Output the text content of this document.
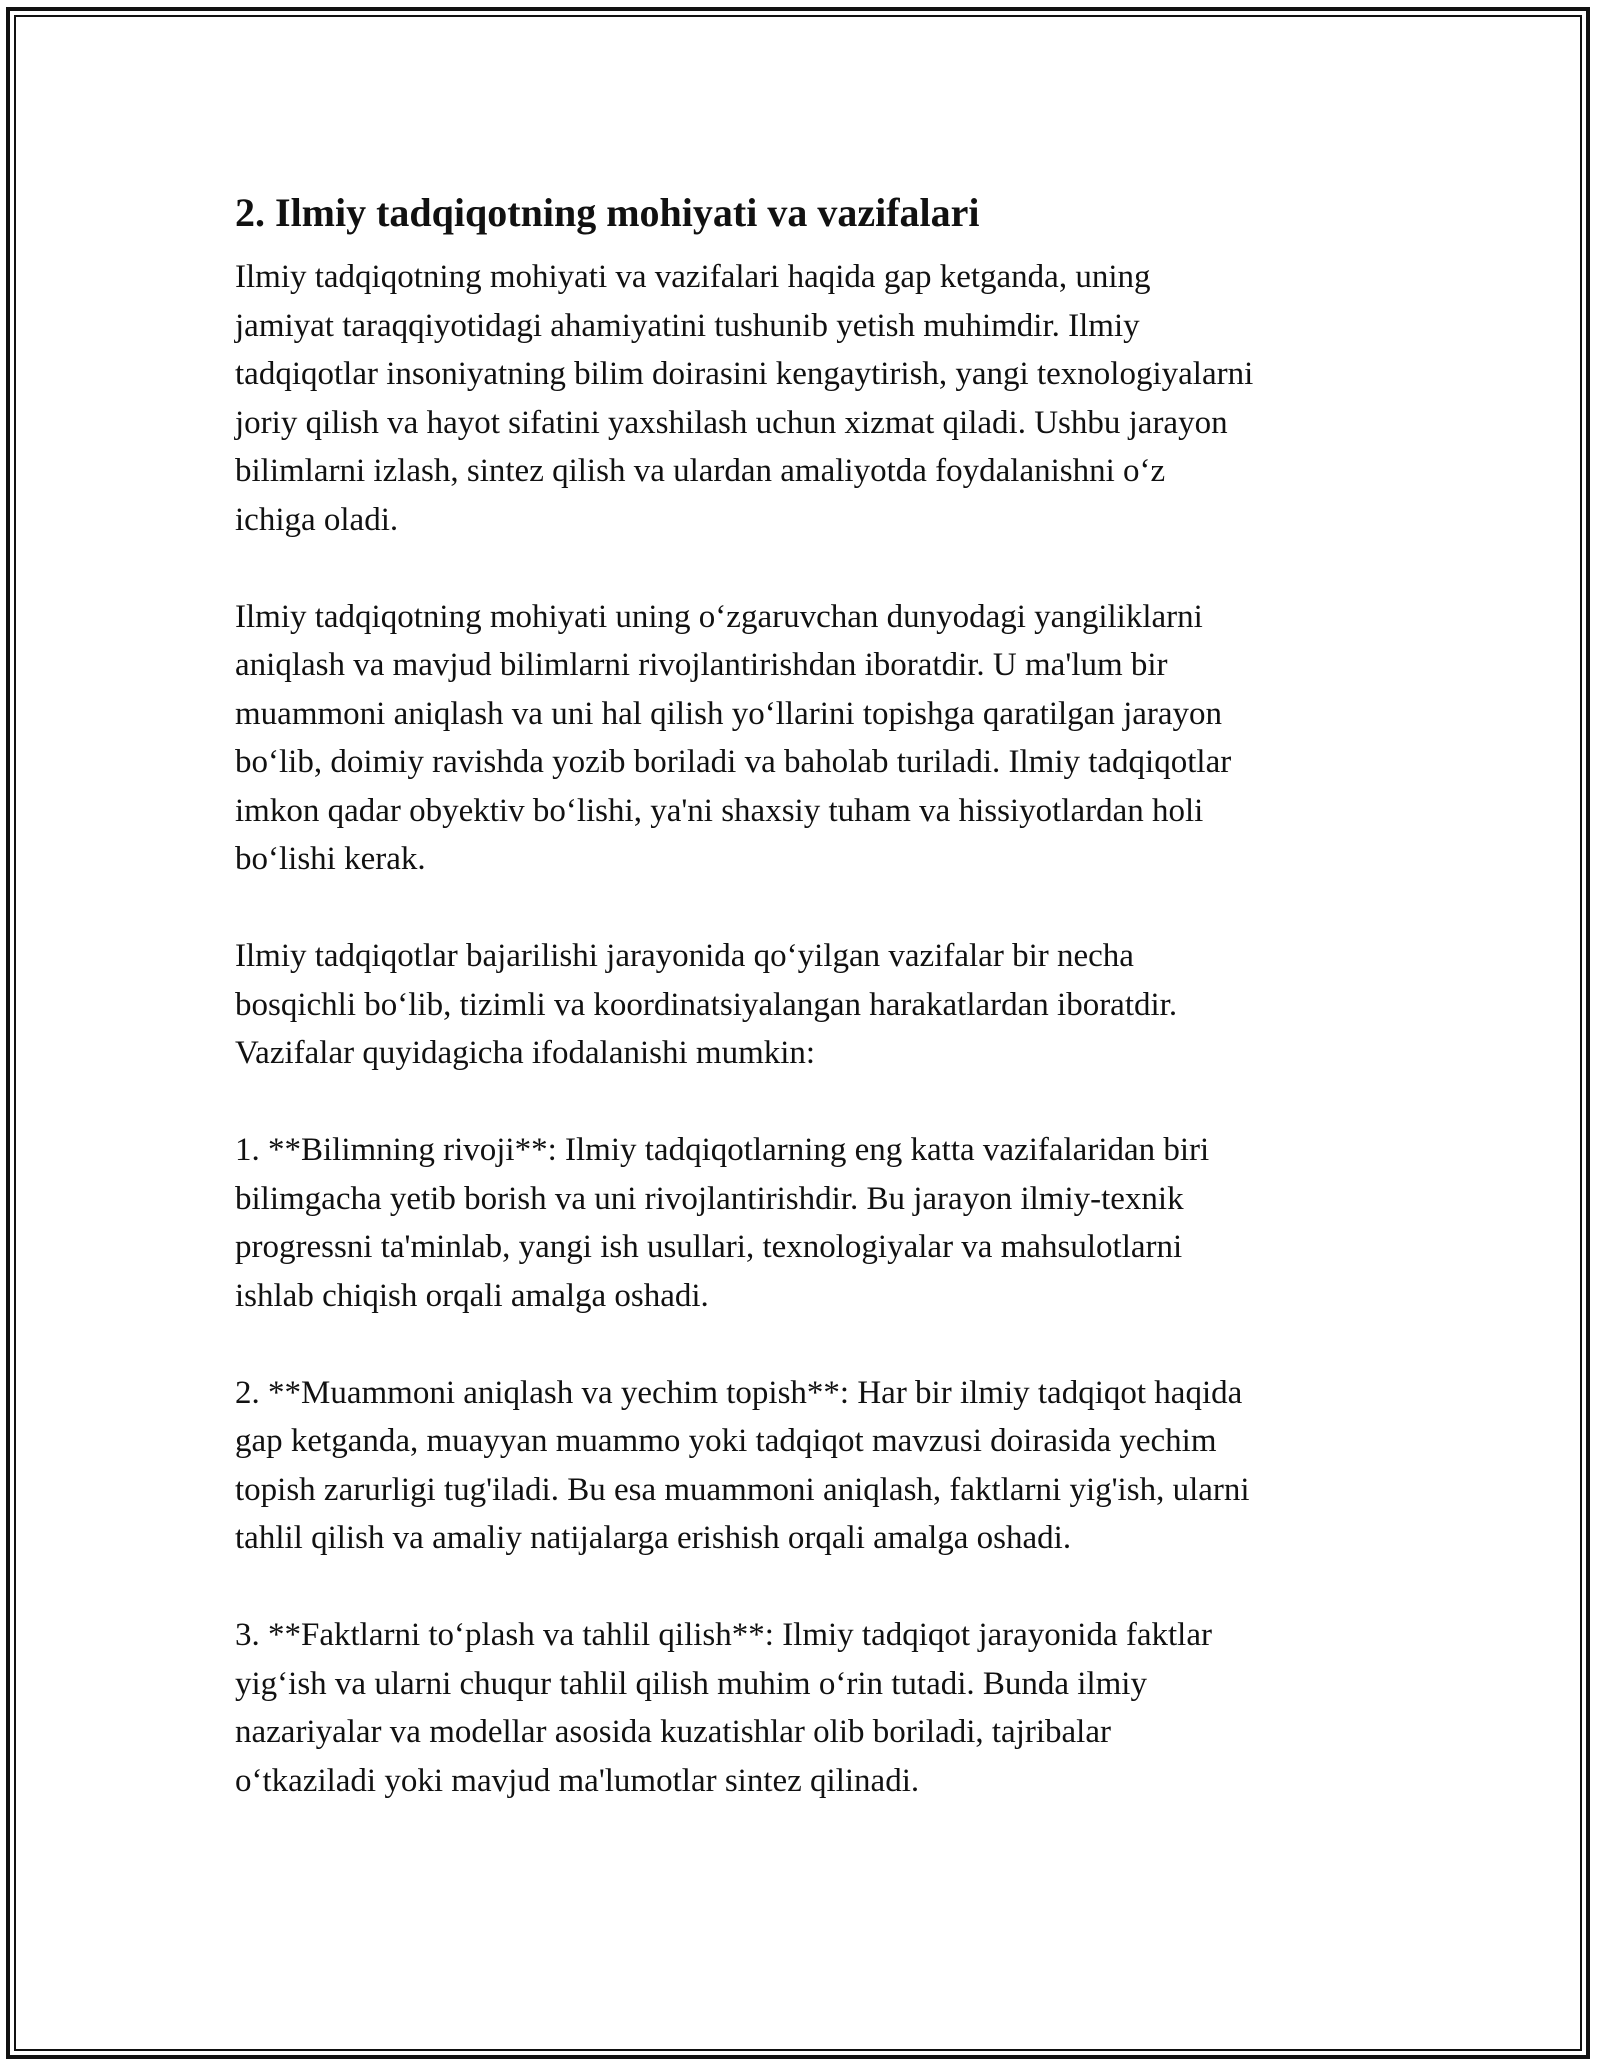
2. Ilmiy tadqiqotning mohiyati va vazifalari

Ilmiy tadqiqotning mohiyati va vazifalari haqida gap ketganda, uning
jamiyat taraqqiyotidagi ahamiyatini tushunib yetish muhimdir. Ilmiy
tadqiqotlar insoniyatning bilim doirasini kengaytirish, yangi texnologiyalarni
joriy qilish va hayot sifatini yaxshilash uchun xizmat qiladi. Ushbu jarayon
bilimlarni izlash, sintez qilish va ulardan amaliyotda foydalanishni o‘z
ichiga oladi.

Ilmiy tadqiqotning mohiyati uning o‘zgaruvchan dunyodagi yangiliklarni
aniqlash va mavjud bilimlarni rivojlantirishdan iboratdir. U ma'lum bir
muammoni aniqlash va uni hal qilish yo‘llarini topishga qaratilgan jarayon
bo‘lib, doimiy ravishda yozib boriladi va baholab turiladi. Ilmiy tadqiqotlar
imkon qadar obyektiv bo‘lishi, ya'ni shaxsiy tuham va hissiyotlardan holi
bo‘lishi kerak.

Ilmiy tadqiqotlar bajarilishi jarayonida qo‘yilgan vazifalar bir necha
bosqichli bo‘lib, tizimli va koordinatsiyalangan harakatlardan iboratdir.
Vazifalar quyidagicha ifodalanishi mumkin:

1. **Bilimning rivoji**: Ilmiy tadqiqotlarning eng katta vazifalaridan biri
bilimgacha yetib borish va uni rivojlantirishdir. Bu jarayon ilmiy-texnik
progressni ta'minlab, yangi ish usullari, texnologiyalar va mahsulotlarni
ishlab chiqish orqali amalga oshadi.

2. **Muammoni aniqlash va yechim topish**: Har bir ilmiy tadqiqot haqida
gap ketganda, muayyan muammo yoki tadqiqot mavzusi doirasida yechim
topish zarurligi tug'iladi. Bu esa muammoni aniqlash, faktlarni yig'ish, ularni
tahlil qilish va amaliy natijalarga erishish orqali amalga oshadi.

3. **Faktlarni to‘plash va tahlil qilish**: Ilmiy tadqiqot jarayonida faktlar
yig‘ish va ularni chuqur tahlil qilish muhim o‘rin tutadi. Bunda ilmiy
nazariyalar va modellar asosida kuzatishlar olib boriladi, tajribalar
o‘tkaziladi yoki mavjud ma'lumotlar sintez qilinadi.
